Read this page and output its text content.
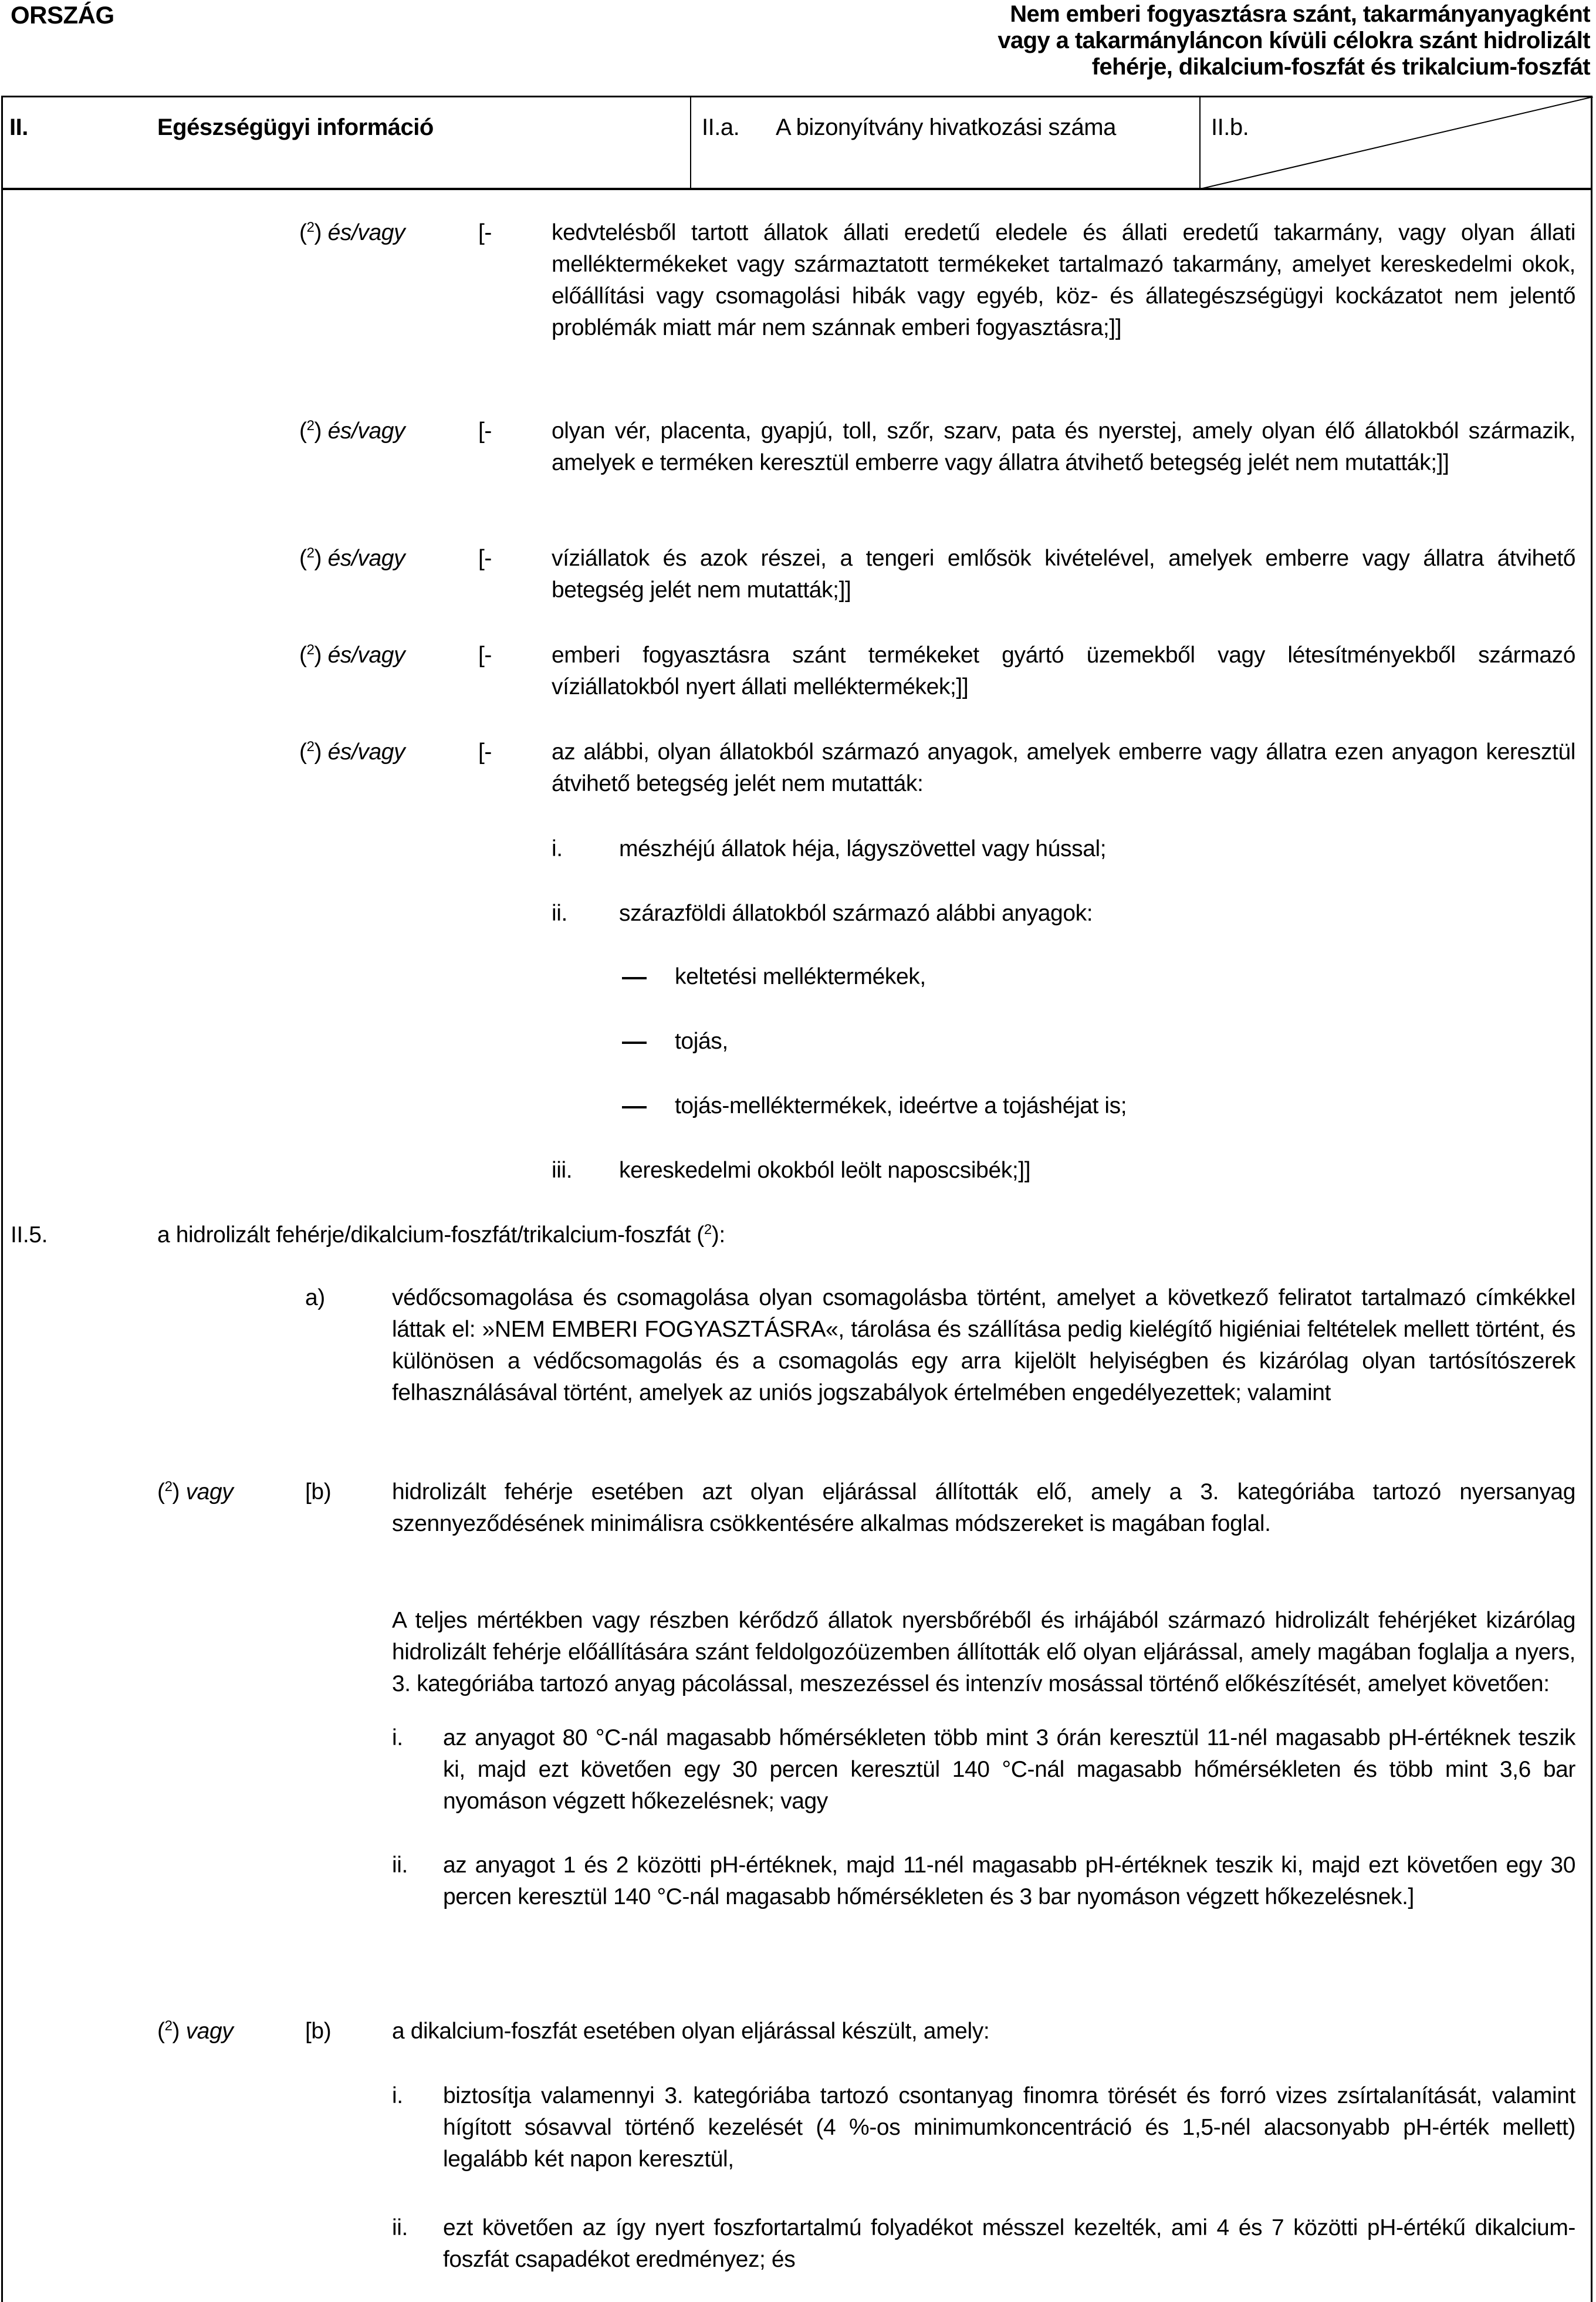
ORSZÁG	Nem emberi fogyasztásra szánt, takarmányanyagként
vagy a takarmányláncon kívüli célokra szánt hidrolizált
fehérje, dikalcium-foszfát és trikalcium-foszfát
II.	Egészségügyi információ	II.a. A bizonyítvány hivatkozási száma	II.b.
($^2$) és/vagy	[-	kedvtelésből tartott állatok állati eredetű eledele és állati eredetű takarmány, vagy olyan állati melléktermékeket vagy származtatott termékeket tartalmazó takarmány, amelyet kereskedelmi okok, előállítási vagy csomagolási hibák vagy egyéb, köz- és állategészségügyi kockázatot nem jelentő problémák miatt már nem szánnak emberi fogyasztásra;]]
($^2$) és/vagy	[-	olyan vér, placenta, gyapjú, toll, szőr, szarv, pata és nyerstej, amely olyan élő állatokból származik, amelyek e terméken keresztül emberre vagy állatra átvihető betegség jelét nem mutatták;]]
($^2$) és/vagy	[-	víziállatok és azok részei, a tengeri emlősök kivételével, amelyek emberre vagy állatra átvihető betegség jelét nem mutatták;]]
($^2$) és/vagy	[-	emberi fogyasztásra szánt termékeket gyártó üzemekből vagy létesítményekből származó víziállatokból nyert állati melléktermékek;]]
($^2$) és/vagy	[-	az alábbi, olyan állatokból származó anyagok, amelyek emberre vagy állatra ezen anyagon keresztül átvihető betegség jelét nem mutatták:
i. mészhéjú állatok héja, lágyszövettel vagy hússal;
ii. szárazföldi állatokból származó alábbi anyagok:
keltetési melléktermékek,
tojás,
tojás-melléktermékek, ideértve a tojáshéjat is;
iii. kereskedelmi okokból leölt naposcsibék;]]
II.5.	a hidrolizált fehérje/dikalcium-foszfát/trikalcium-foszfát ($^2$):
a)	védőcsomagolása és csomagolása olyan csomagolásba történt, amelyet a következő feliratot tartalmazó címkékkel láttak el: »NEM EMBERI FOGYASZTÁSRA«, tárolása és szállítása pedig kielégítő higiéniai feltételek mellett történt, és különösen a védőcsomagolás és a csomagolás egy arra kijelölt helyiségben és kizárólag olyan tartósítószerek felhasználásával történt, amelyek az uniós jogszabályok értelmében engedélyezettek; valamint
($^2$) vagy	[b)	hidrolizált fehérje esetében azt olyan eljárással állították elő, amely a 3. kategóriába tartozó nyersanyag szennyeződésének minimálisra csökkentésére alkalmas módszereket is magában foglal.
A teljes mértékben vagy részben kérődző állatok nyersbőréből és irhájából származó hidrolizált fehérjéket kizárólag hidrolizált fehérje előállítására szánt feldolgozóüzemben állították elő olyan eljárással, amely magában foglalja a nyers, 3. kategóriába tartozó anyag pácolással, meszezéssel és intenzív mosással történő előkészítését, amelyet követően:
i. az anyagot 80 °C-nál magasabb hőmérsékleten több mint 3 órán keresztül 11-nél magasabb pH-értéknek teszik ki, majd ezt követően egy 30 percen keresztül 140 °C-nál magasabb hőmérsékleten és több mint 3,6 bar nyomáson végzett hőkezelésnek; vagy
ii. az anyagot 1 és 2 közötti pH-értéknek, majd 11-nél magasabb pH-értéknek teszik ki, majd ezt követően egy 30 percen keresztül 140 °C-nál magasabb hőmérsékleten és 3 bar nyomáson végzett hőkezelésnek.]
($^2$) vagy	[b)	a dikalcium-foszfát esetében olyan eljárással készült, amely:
i. biztosítja valamennyi 3. kategóriába tartozó csontanyag finomra törését és forró vizes zsírtalanítását, valamint hígított sósavval történő kezelését (4 %-os minimumkoncentráció és 1,5-nél alacsonyabb pH-érték mellett) legalább két napon keresztül,
ii. ezt követően az így nyert foszfortartalmú folyadékot mésszel kezelték, ami 4 és 7 közötti pH-értékű dikalcium-foszfát csapadékot eredményez; és
